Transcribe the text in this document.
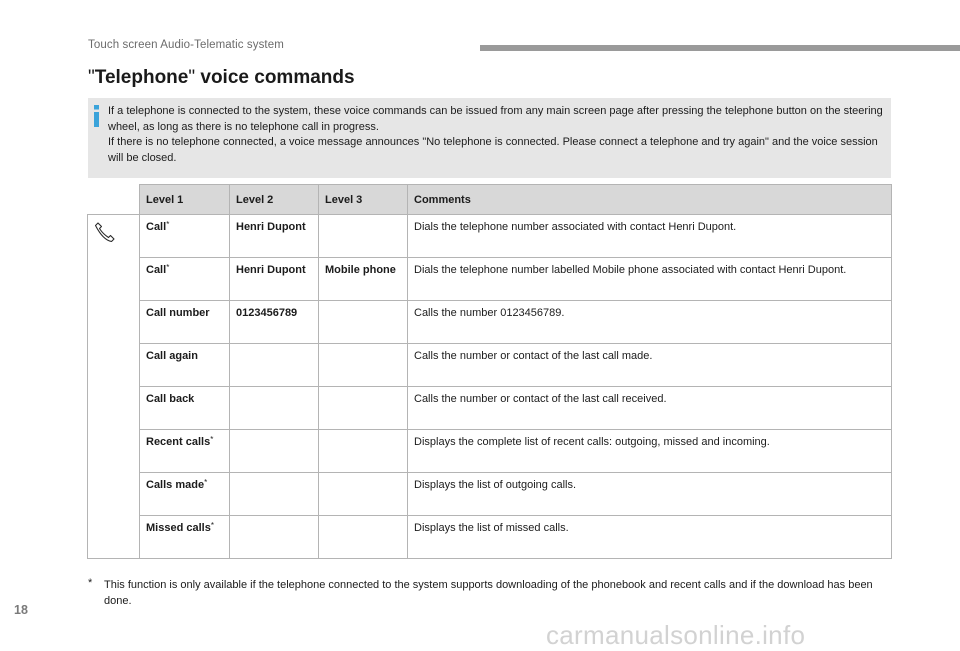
Touch screen Audio-Telematic system
" Telephone " voice commands

If a telephone is connected to the system, these voice commands can be issued from any main screen page after pressing the telephone button on the steering wheel, as long as there is no telephone call in progress.

If there is no telephone connected, a voice message announces "No telephone is connected. Please connect a telephone and try again" and the voice session will be closed.

	Level 1	Level 2	Level 3	Comments
	Call*	Henri Dupont		Dials the telephone number associated with contact Henri Dupont.
	Call*	Henri Dupont	Mobile phone	Dials the telephone number labelled Mobile phone associated with contact Henri Dupont.
	Call number	0123456789		Calls the number 0123456789.
	Call again			Calls the number or contact of the last call made.
	Call back			Calls the number or contact of the last call received.
	Recent calls*			Displays the complete list of recent calls: outgoing, missed and incoming.
	Calls made*			Displays the list of outgoing calls.
	Missed calls*			Displays the list of missed calls.
* This function is only available if the telephone connected to the system supports downloading of the phonebook and recent calls and if the download has been done.
18
carmanualsonline.info
